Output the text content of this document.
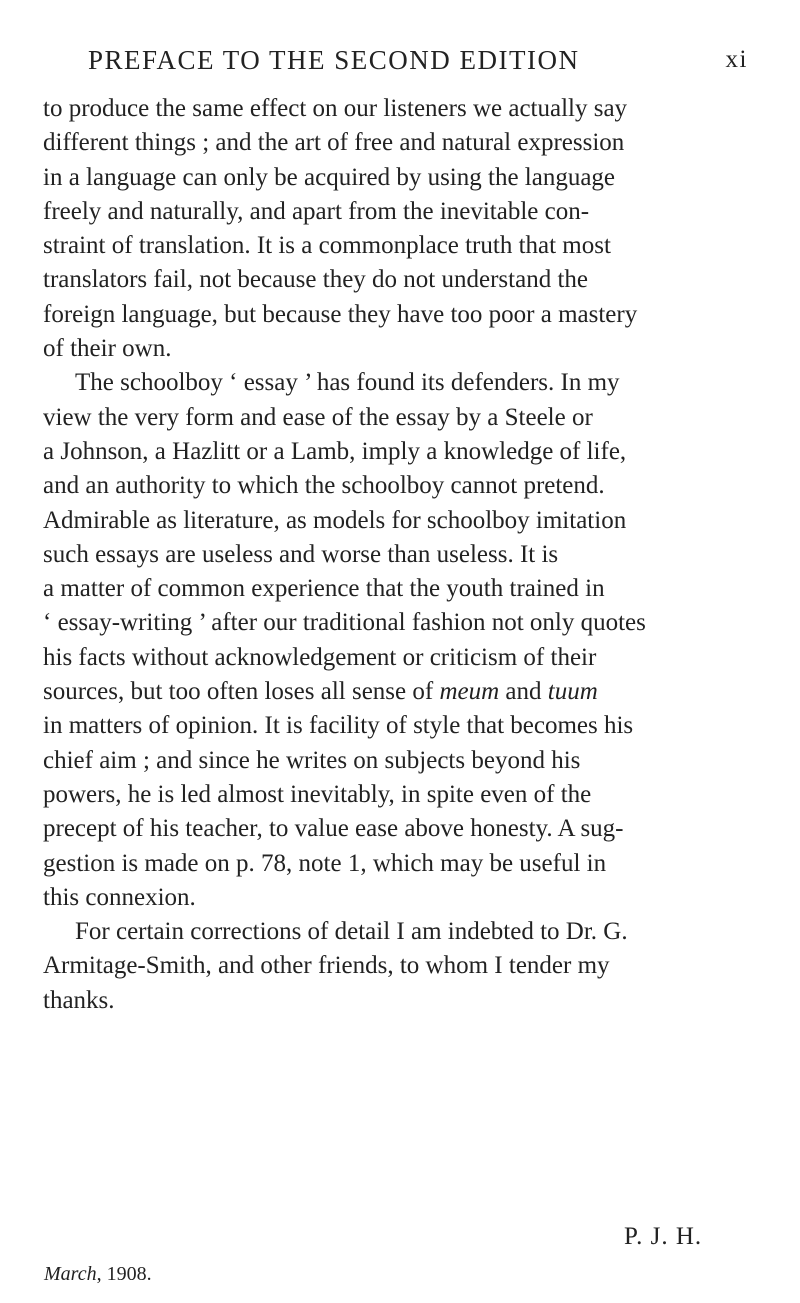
PREFACE TO THE SECOND EDITION	xi
to produce the same effect on our listeners we actually say
different things ; and the art of free and natural expression
in a language can only be acquired by using the language
freely and naturally, and apart from the inevitable con-
straint of translation. It is a commonplace truth that most
translators fail, not because they do not understand the
foreign language, but because they have too poor a mastery
of their own.
The schoolboy ‘ essay ’ has found its defenders. In my
view the very form and ease of the essay by a Steele or
a Johnson, a Hazlitt or a Lamb, imply a knowledge of life,
and an authority to which the schoolboy cannot pretend.
Admirable as literature, as models for schoolboy imitation
such essays are useless and worse than useless. It is
a matter of common experience that the youth trained in
‘ essay-writing ’ after our traditional fashion not only quotes
his facts without acknowledgement or criticism of their
sources, but too often loses all sense of meum and tuum
in matters of opinion. It is facility of style that becomes his
chief aim ; and since he writes on subjects beyond his
powers, he is led almost inevitably, in spite even of the
precept of his teacher, to value ease above honesty. A sug-
gestion is made on p. 78, note 1, which may be useful in
this connexion.
For certain corrections of detail I am indebted to Dr. G.
Armitage-Smith, and other friends, to whom I tender my
thanks.
P. J. H.
March, 1908.
